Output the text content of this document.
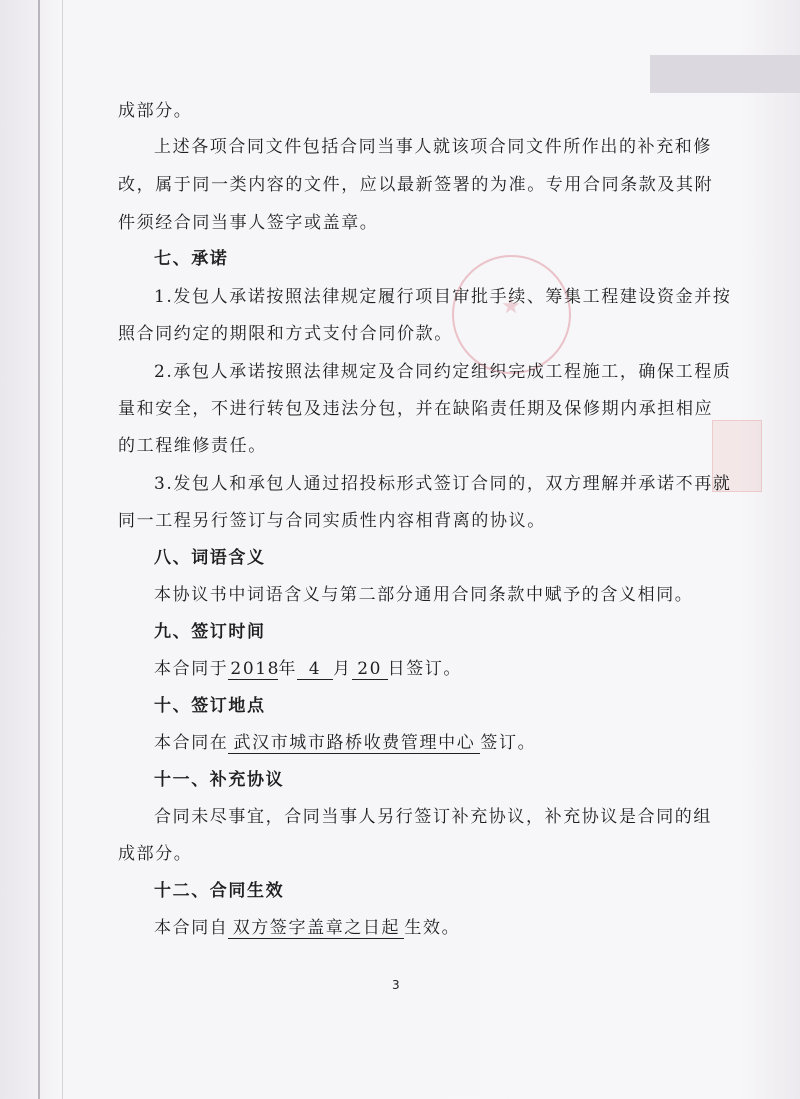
成部分。
上述各项合同文件包括合同当事人就该项合同文件所作出的补充和修
改，属于同一类内容的文件，应以最新签署的为准。专用合同条款及其附
件须经合同当事人签字或盖章。
七、承诺
1.发包人承诺按照法律规定履行项目审批手续、筹集工程建设资金并按
照合同约定的期限和方式支付合同价款。
2.承包人承诺按照法律规定及合同约定组织完成工程施工，确保工程质
量和安全，不进行转包及违法分包，并在缺陷责任期及保修期内承担相应
的工程维修责任。
3.发包人和承包人通过招投标形式签订合同的，双方理解并承诺不再就
同一工程另行签订与合同实质性内容相背离的协议。
八、词语含义
本协议书中词语含义与第二部分通用合同条款中赋予的含义相同。
九、签订时间
本合同于 2018年 4 月 20 日签订。
十、签订地点
本合同在 武汉市城市路桥收费管理中心 签订。
十一、补充协议
合同未尽事宜，合同当事人另行签订补充协议，补充协议是合同的组
成部分。
十二、合同生效
本合同自 双方签字盖章之日起 生效。
3
